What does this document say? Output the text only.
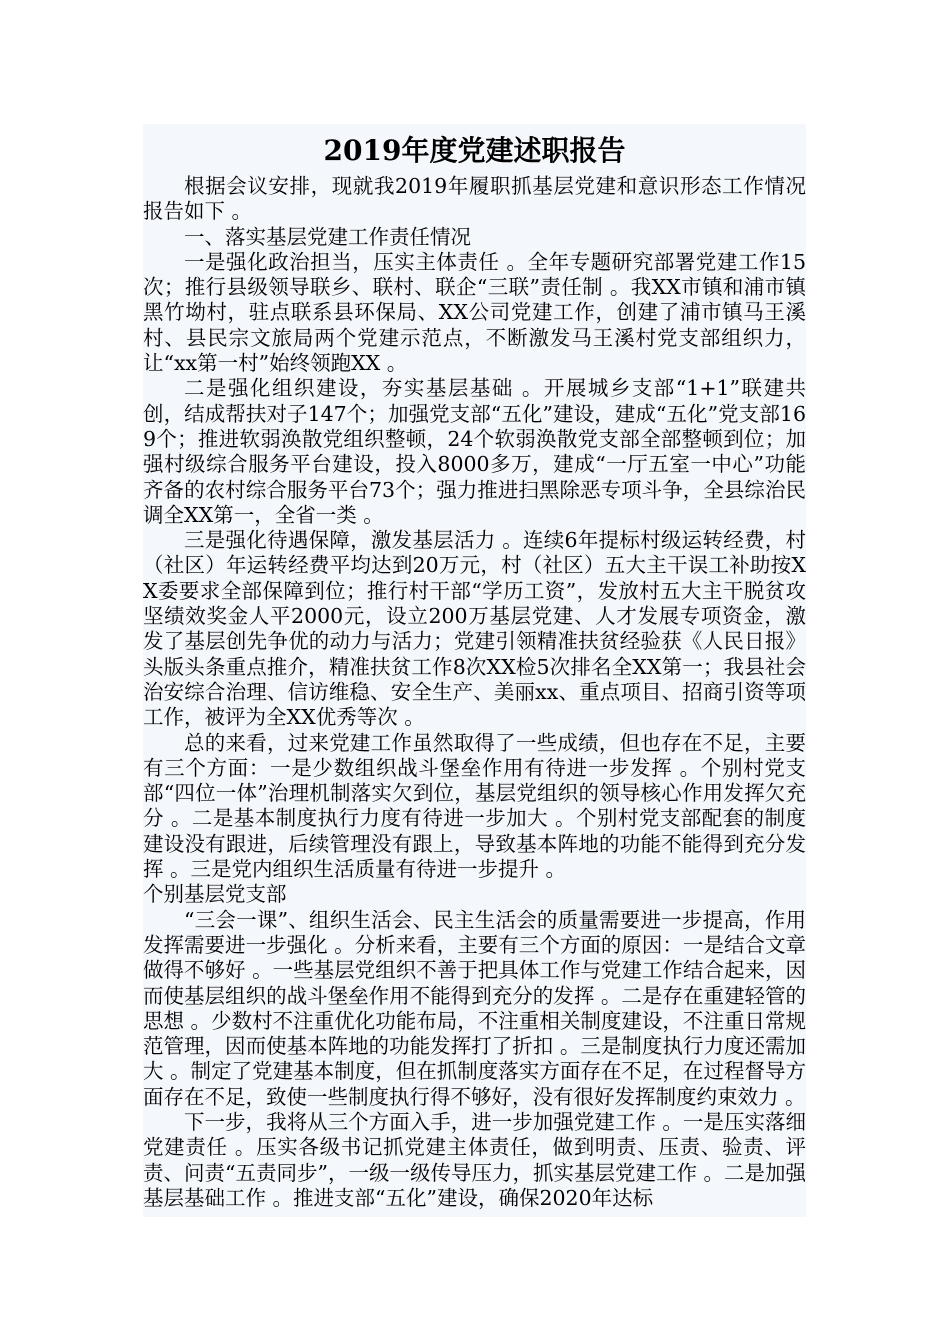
2019年度党建述职报告

根据会议安排，现就我2019年履职抓基层党建和意识形态工作情况报告如下 。

一、落实基层党建工作责任情况

一是强化政治担当，压实主体责任 。全年专题研究部署党建工作15次；推行县级领导联乡、联村、联企“三联”责任制 。我XX市镇和浦市镇黑竹坳村，驻点联系县环保局、XX公司党建工作，创建了浦市镇马王溪村、县民宗文旅局两个党建示范点，不断激发马王溪村党支部组织力，让“xx第一村”始终领跑XX 。

二是强化组织建设，夯实基层基础 。开展城乡支部“1+1”联建共创，结成帮扶对子147个；加强党支部“五化”建设，建成“五化”党支部169个；推进软弱涣散党组织整顿，24个软弱涣散党支部全部整顿到位；加强村级综合服务平台建设，投入8000多万，建成“一厅五室一中心”功能齐备的农村综合服务平台73个；强力推进扫黑除恶专项斗争，全县综治民调全XX第一，全省一类 。

三是强化待遇保障，激发基层活力 。连续6年提标村级运转经费，村（社区）年运转经费平均达到20万元，村（社区）五大主干误工补助按XX委要求全部保障到位；推行村干部“学历工资”，发放村五大主干脱贫攻坚绩效奖金人平2000元，设立200万基层党建、人才发展专项资金，激发了基层创先争优的动力与活力；党建引领精准扶贫经验获《人民日报》头版头条重点推介，精准扶贫工作8次XX检5次排名全XX第一；我县社会治安综合治理、信访维稳、安全生产、美丽xx、重点项目、招商引资等项工作，被评为全XX优秀等次 。

总的来看，过来党建工作虽然取得了一些成绩，但也存在不足，主要有三个方面：一是少数组织战斗堡垒作用有待进一步发挥 。个别村党支部“四位一体”治理机制落实欠到位，基层党组织的领导核心作用发挥欠充分 。二是基本制度执行力度有待进一步加大 。个别村党支部配套的制度建设没有跟进，后续管理没有跟上，导致基本阵地的功能不能得到充分发挥 。三是党内组织生活质量有待进一步提升 。

个别基层党支部

“三会一课”、组织生活会、民主生活会的质量需要进一步提高，作用发挥需要进一步强化 。分析来看，主要有三个方面的原因：一是结合文章做得不够好 。一些基层党组织不善于把具体工作与党建工作结合起来，因而使基层组织的战斗堡垒作用不能得到充分的发挥 。二是存在重建轻管的思想 。少数村不注重优化功能布局，不注重相关制度建设，不注重日常规范管理，因而使基本阵地的功能发挥打了折扣 。三是制度执行力度还需加大 。制定了党建基本制度，但在抓制度落实方面存在不足，在过程督导方面存在不足，致使一些制度执行得不够好，没有很好发挥制度约束效力 。

下一步，我将从三个方面入手，进一步加强党建工作 。一是压实落细党建责任 。压实各级书记抓党建主体责任，做到明责、压责、验责、评责、问责“五责同步”，一级一级传导压力，抓实基层党建工作 。二是加强基层基础工作 。推进支部“五化”建设，确保2020年达标
